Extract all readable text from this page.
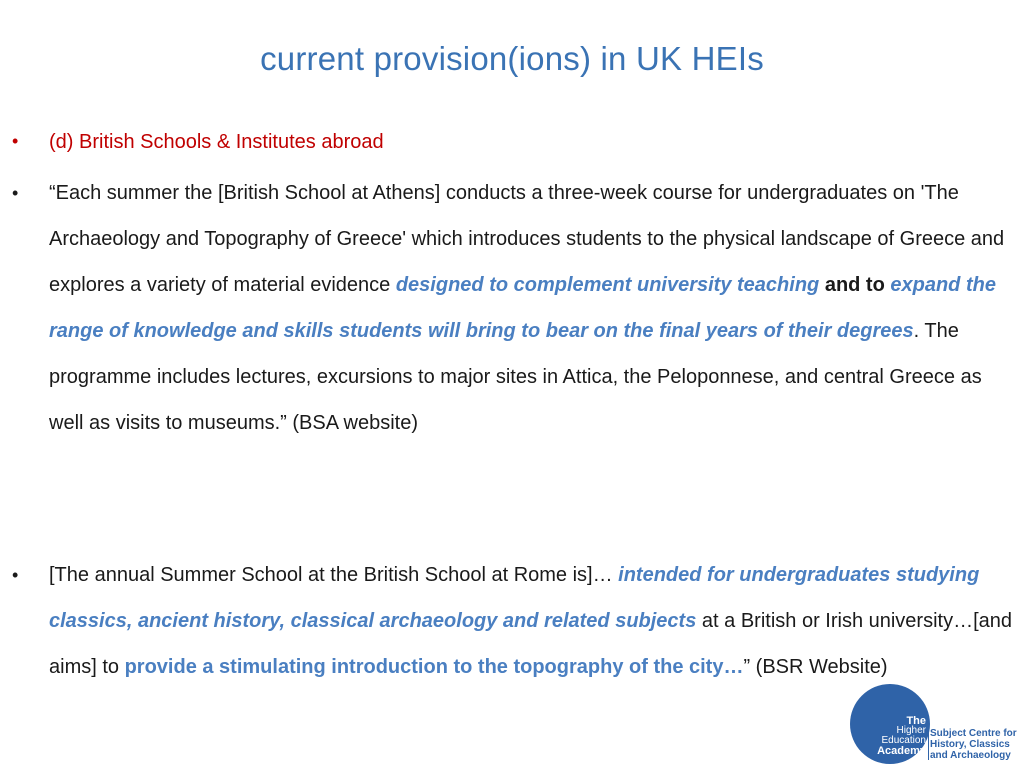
current provision(ions) in UK HEIs
• (d) British Schools & Institutes abroad
• “Each summer the [British School at Athens] conducts a three-week course for undergraduates on 'The Archaeology and Topography of Greece' which introduces students to the physical landscape of Greece and explores a variety of material evidence designed to complement university teaching and to expand the range of knowledge and skills students will bring to bear on the final years of their degrees. The programme includes lectures, excursions to major sites in Attica, the Peloponnese, and central Greece as well as visits to museums.” (BSA website)
• [The annual Summer School at the British School at Rome is]… intended for undergraduates studying classics, ancient history, classical archaeology and related subjects at a British or Irish university…[and aims] to provide a stimulating introduction to the topography of the city…” (BSR Website)
The
Higher
Education
Academy
Subject Centre for
History, Classics
and Archaeology
